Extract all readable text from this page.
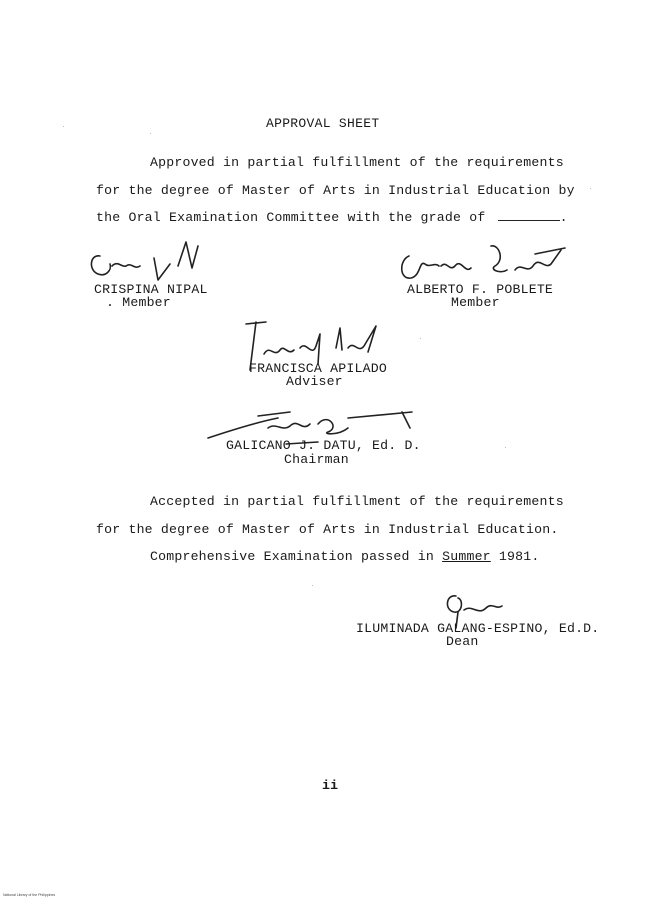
APPROVAL SHEET
Approved in partial fulfillment of the requirements
for the degree of Master of Arts in Industrial Education by
the Oral Examination Committee with the grade of	.
CRISPINA NIPAL
. Member
ALBERTO F. POBLETE
Member
FRANCISCA APILADO
Adviser
GALICANO J. DATU, Ed. D.
Chairman
Accepted in partial fulfillment of the requirements
for the degree of Master of Arts in Industrial Education.
Comprehensive Examination passed in Summer 1981.
ILUMINADA GALANG-ESPINO, Ed.D.
Dean
ii
National Library of the Philippines
